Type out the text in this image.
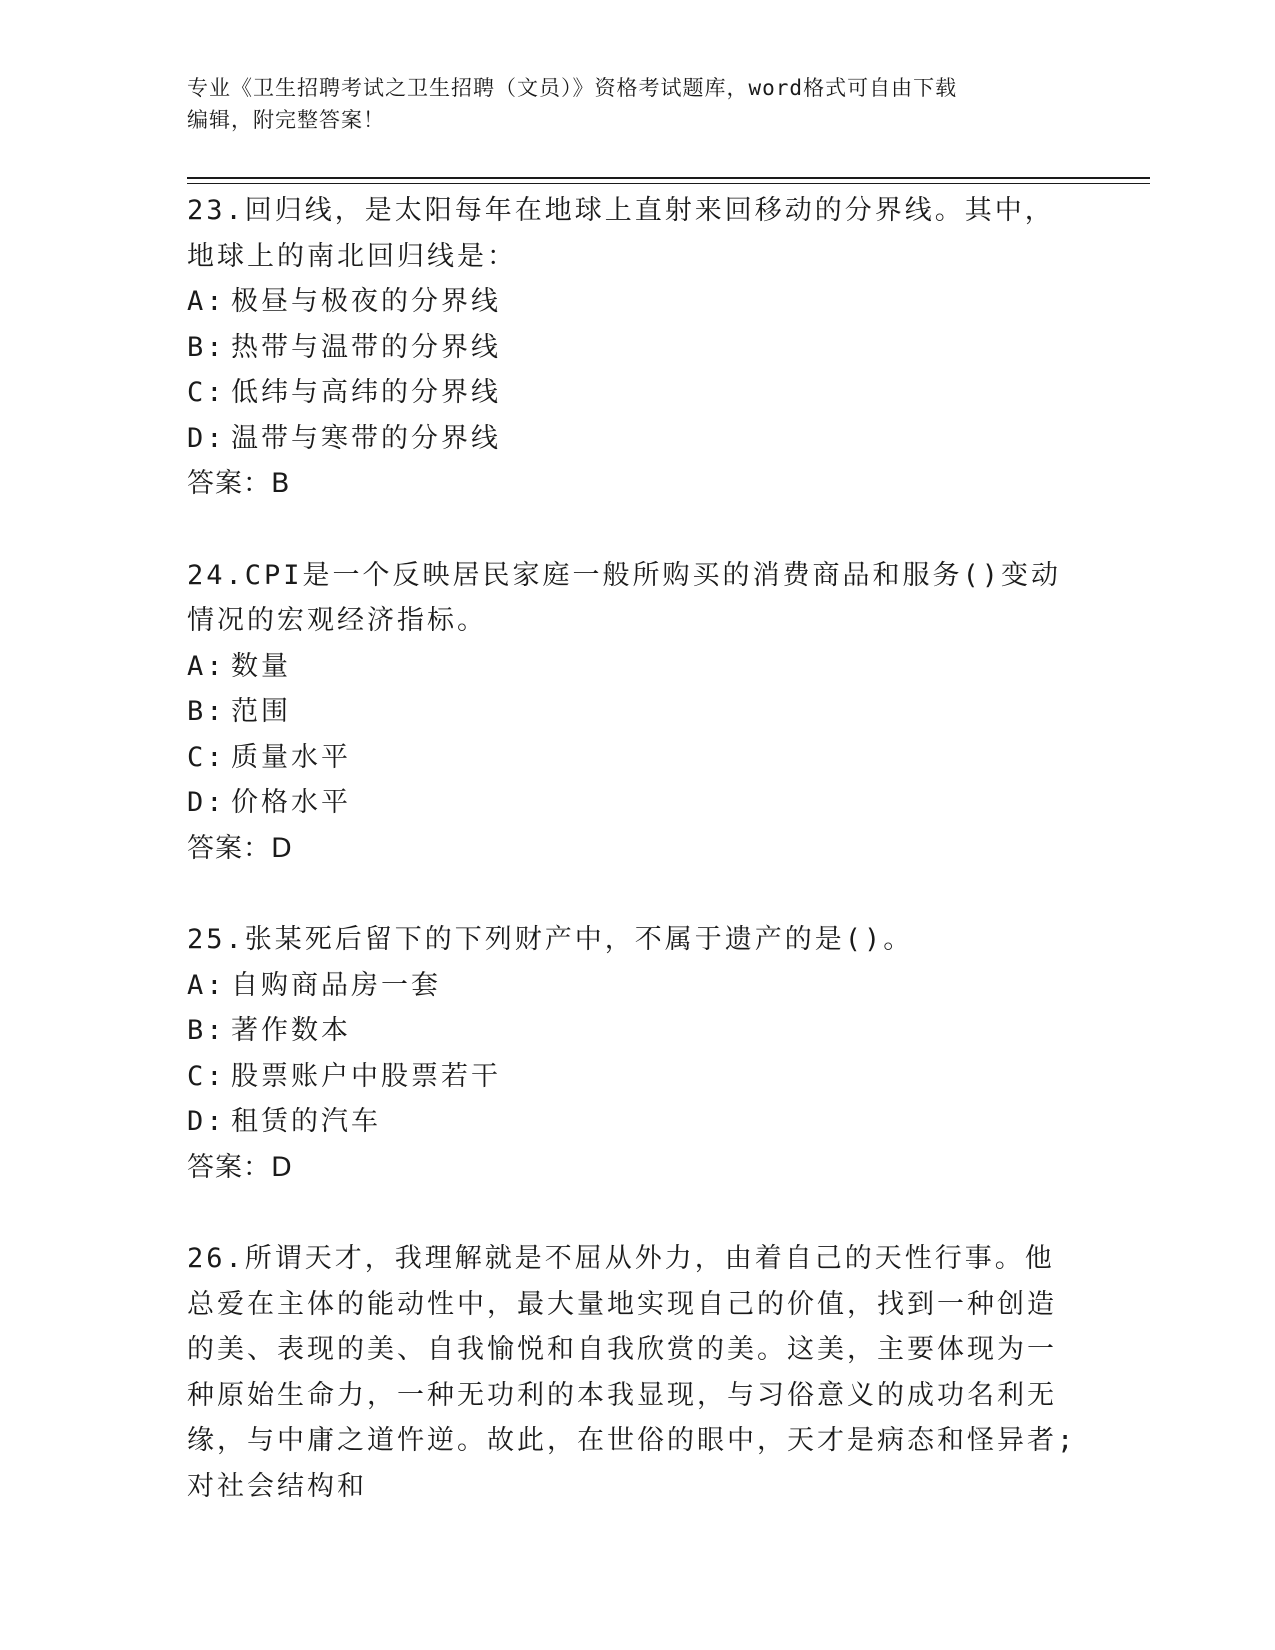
专业《卫生招聘考试之卫生招聘（文员）》资格考试题库，word格式可自由下载
编辑，附完整答案！
23.回归线，是太阳每年在地球上直射来回移动的分界线。其中，地球上的南北回归线是：
A: 极昼与极夜的分界线
B: 热带与温带的分界线
C: 低纬与高纬的分界线
D: 温带与寒带的分界线
答案：B
24.CPI是一个反映居民家庭一般所购买的消费商品和服务()变动情况的宏观经济指标。
A: 数量
B: 范围
C: 质量水平
D: 价格水平
答案：D
25.张某死后留下的下列财产中，不属于遗产的是()。
A: 自购商品房一套
B: 著作数本
C: 股票账户中股票若干
D: 租赁的汽车
答案：D
26.所谓天才，我理解就是不屈从外力，由着自己的天性行事。他总爱在主体的能动性中，最大量地实现自己的价值，找到一种创造的美、表现的美、自我愉悦和自我欣赏的美。这美，主要体现为一种原始生命力，一种无功利的本我显现，与习俗意义的成功名利无缘，与中庸之道忤逆。故此，在世俗的眼中，天才是病态和怪异者;对社会结构和
